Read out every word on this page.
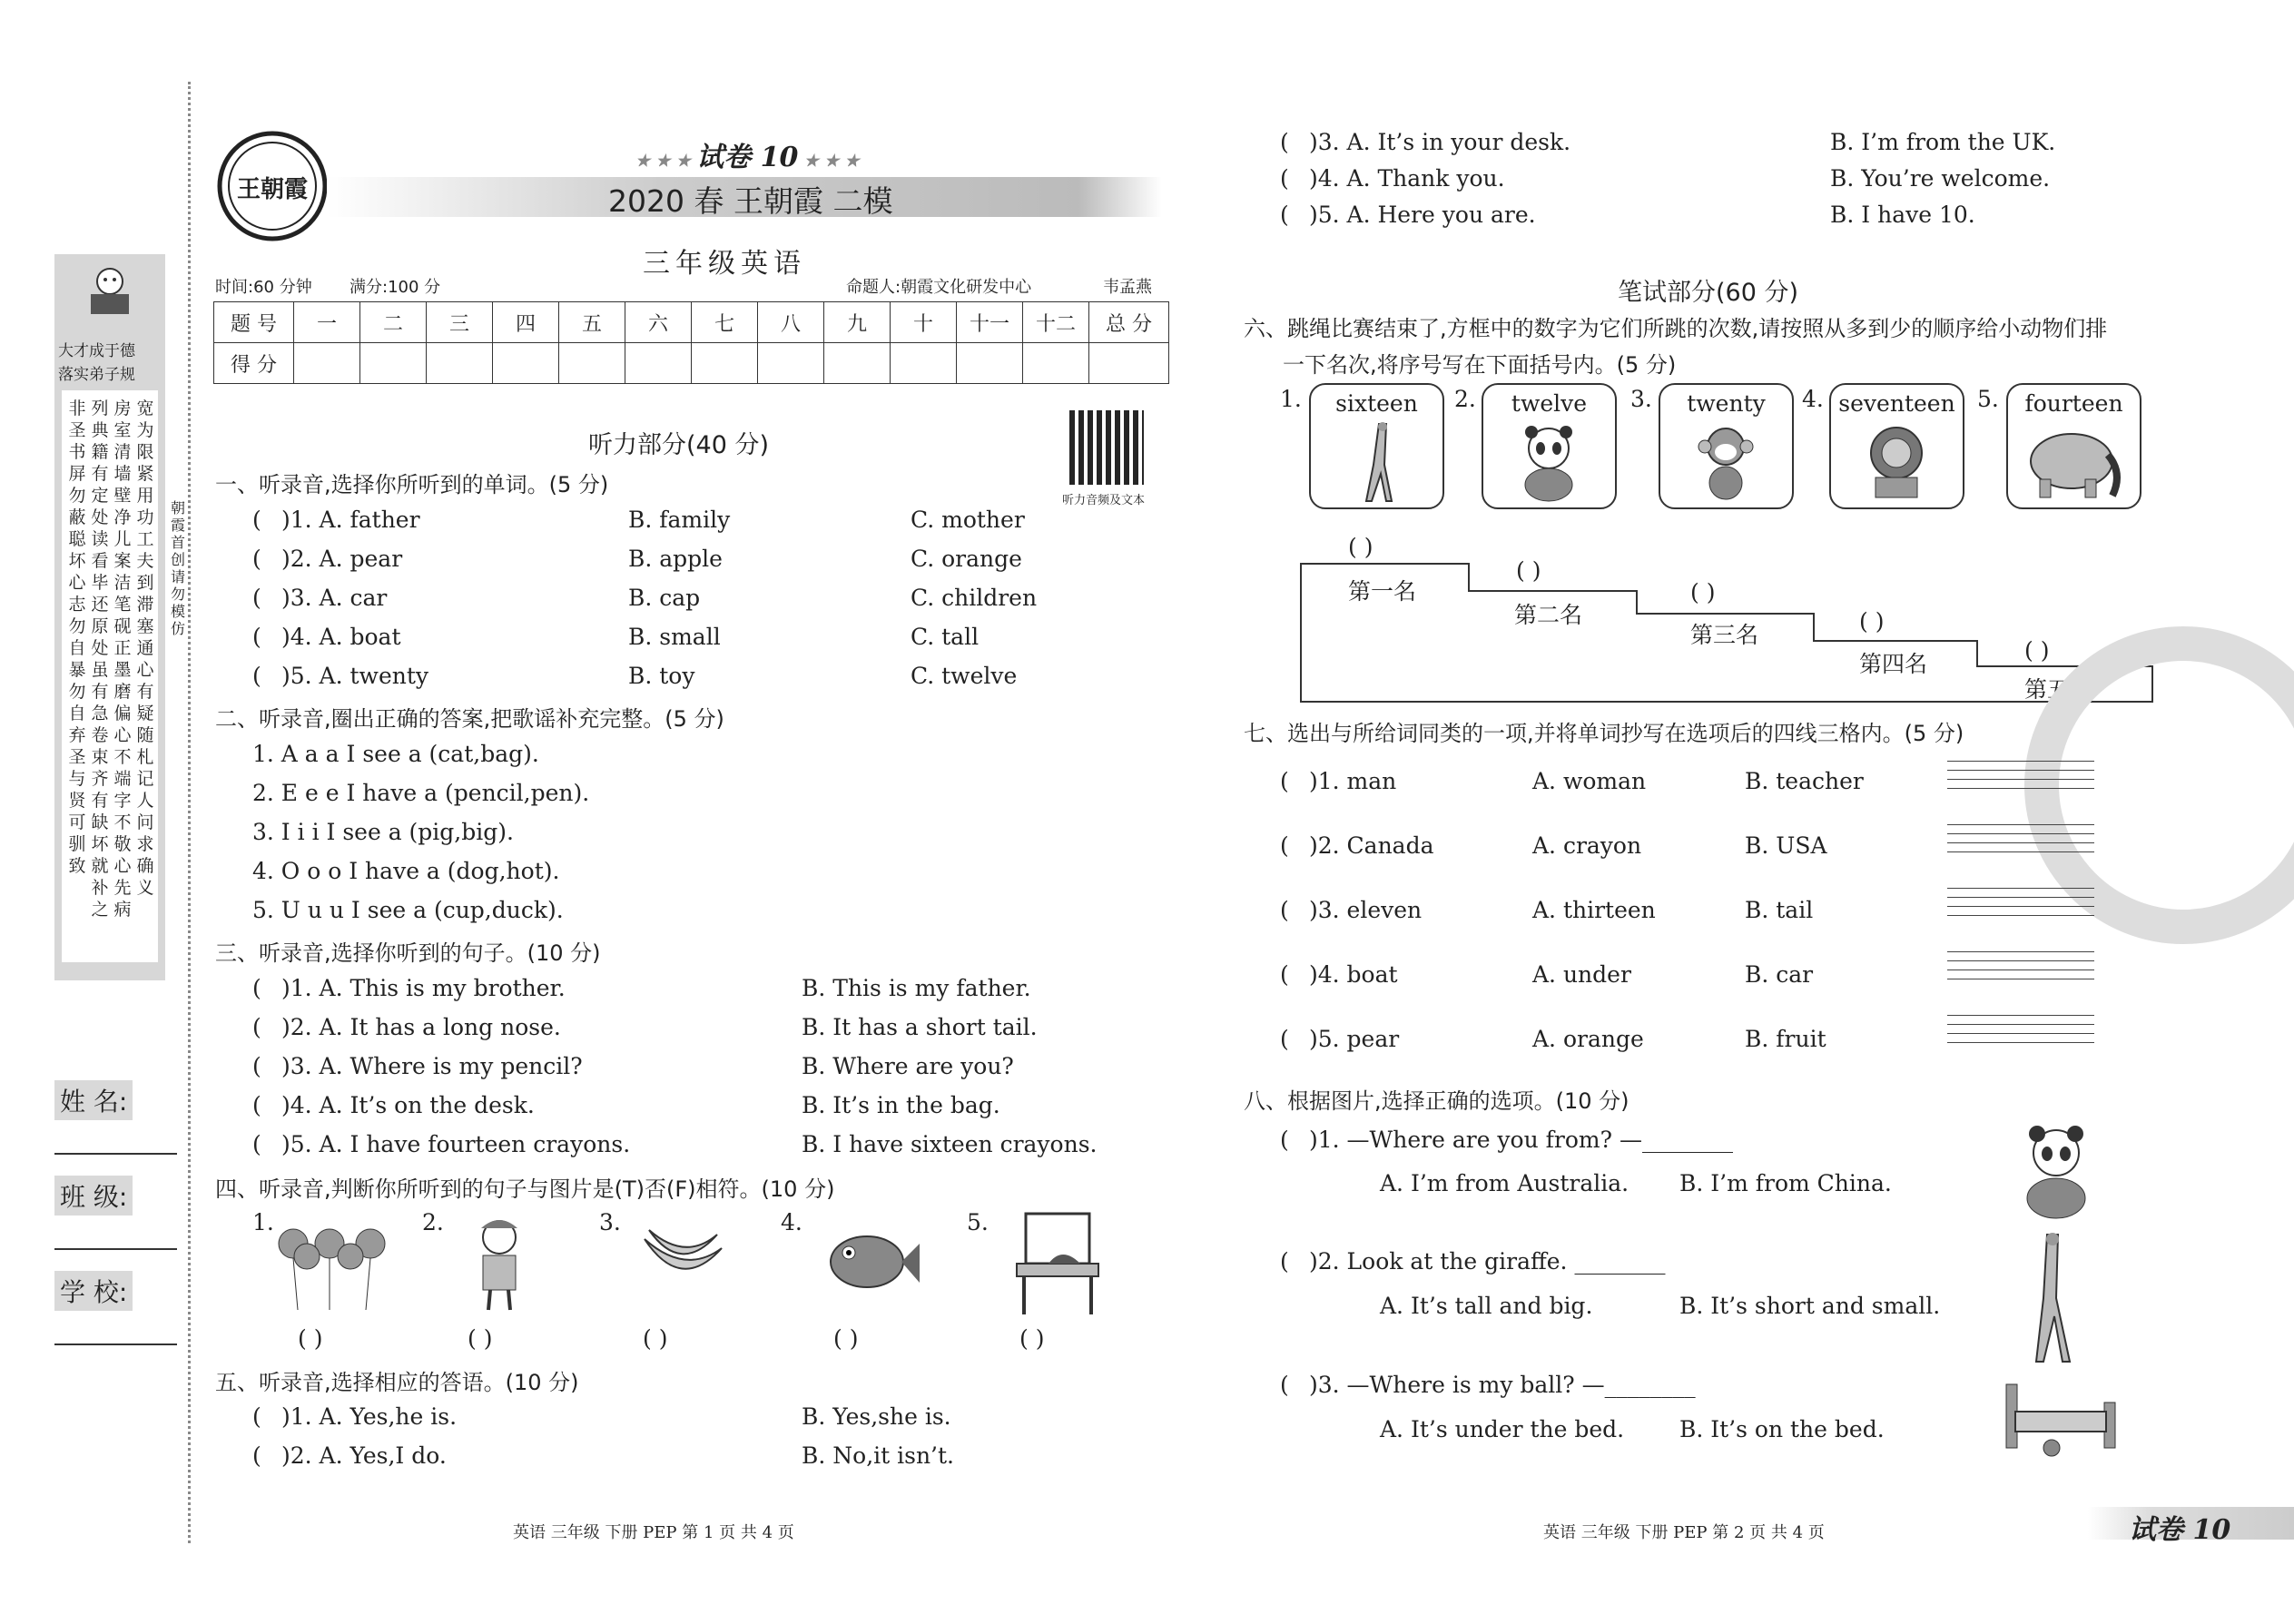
大才成于德
落实弟子规
非圣书屏勿蔽聪坏心志勿自暴勿自弃圣与贤可驯致
列典籍有定处读看毕还原处虽有急卷束齐有缺坏就补之
房室清墙壁净儿案洁笔砚正墨磨偏心不端字不敬心先病
宽为限紧用功工夫到滞塞通心有疑随札记人问求确义
朝霞首创 请勿模仿
姓 名:
班 级:
学 校:
王朝霞
★ ★ ★ 试卷 10 ★ ★ ★
2020 春 王朝霞 二模
三年级英语
时间:60 分钟 满分:100 分	命题人:朝霞文化研发中心	韦孟燕
题 号	一	二	三	四	五	六	七	八	九	十	十一	十二	总 分
得 分													
听力音频及文本
听力部分(40 分)
一、听录音,选择你所听到的单词。(5 分)
( )1. A. father	B. family	C. mother
( )2. A. pear	B. apple	C. orange
( )3. A. car	B. cap	C. children
( )4. A. boat	B. small	C. tall
( )5. A. twenty	B. toy	C. twelve
二、听录音,圈出正确的答案,把歌谣补充完整。(5 分)
1. A a a I see a (cat,bag).
2. E e e I have a (pencil,pen).
3. I i i I see a (pig,big).
4. O o o I have a (dog,hot).
5. U u u I see a (cup,duck).
三、听录音,选择你听到的句子。(10 分)
( )1. A. This is my brother.	B. This is my father.
( )2. A. It has a long nose.	B. It has a short tail.
( )3. A. Where is my pencil?	B. Where are you?
( )4. A. It’s on the desk.	B. It’s in the bag.
( )5. A. I have fourteen crayons.	B. I have sixteen crayons.
四、听录音,判断你所听到的句子与图片是(T)否(F)相符。(10 分)
1.	2.	3.	4.	5.
( )	( )	( )	( )	( )
五、听录音,选择相应的答语。(10 分)
( )1. A. Yes,he is.	B. Yes,she is.
( )2. A. Yes,I do.	B. No,it isn’t.
( )3. A. It’s in your desk.	B. I’m from the UK.
( )4. A. Thank you.	B. You’re welcome.
( )5. A. Here you are.	B. I have 10.
笔试部分(60 分)
六、跳绳比赛结束了,方框中的数字为它们所跳的次数,请按照从多到少的顺序给小动物们排
一下名次,将序号写在下面括号内。(5 分)
1.	sixteen	2.	twelve	3.	twenty	4. seventeen 5.	fourteen
( )
第一名
( )
第二名
( )
第三名
( )
第四名
( )
第五名
七、选出与所给词同类的一项,并将单词抄写在选项后的四线三格内。(5 分)
( )1. man	A. woman	B. teacher
( )2. Canada	A. crayon	B. USA
( )3. eleven	A. thirteen	B. tail
( )4. boat	A. under	B. car
( )5. pear	A. orange	B. fruit
八、根据图片,选择正确的选项。(10 分)
( )1. —Where are you from? —________
A. I’m from Australia. B. I’m from China.
( )2. Look at the giraffe. ________
A. It’s tall and big.	B. It’s short and small.
( )3. —Where is my ball? —________
A. It’s under the bed. B. It’s on the bed.
英语 三年级 下册 PEP 第 1 页 共 4 页	英语 三年级 下册 PEP 第 2 页 共 4 页	试卷 10
